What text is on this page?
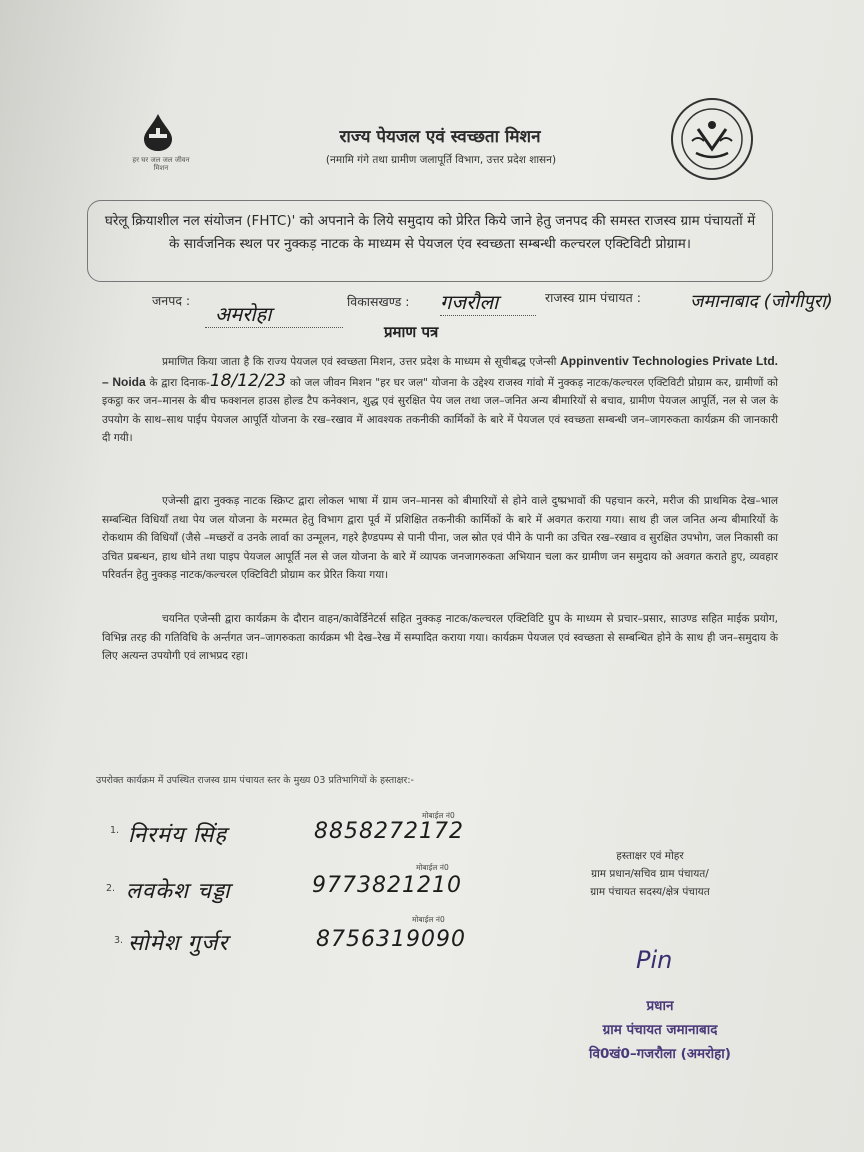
हर घर जल जल जीवन मिशन
राज्य पेयजल एवं स्वच्छता मिशन
(नमामि गंगे तथा ग्रामीण जलापूर्ति विभाग, उत्तर प्रदेश शासन)
घरेलू क्रियाशील नल संयोजन (FHTC)' को अपनाने के लिये समुदाय को प्रेरित किये जाने हेतु जनपद की समस्त राजस्व ग्राम पंचायतों में के सार्वजनिक स्थल पर नुक्कड़ नाटक के माध्यम से पेयजल एंव स्वच्छता सम्बन्धी कल्चरल एक्टिविटी प्रोग्राम।
जनपद :
अमरोहा
विकासखण्ड : गजरौला	राजस्व ग्राम पंचायत :	जमानाबाद (जोगीपुरा)
प्रमाण पत्र
प्रमाणित किया जाता है कि राज्य पेयजल एवं स्वच्छता मिशन, उत्तर प्रदेश के माध्यम से सूचीबद्ध एजेन्सी Appinventiv Technologies Private Ltd. – Noida के द्वारा दिनाक-18/12/23 को जल जीवन मिशन "हर घर जल" योजना के उद्देश्य राजस्व गांवो में नुक्कड़ नाटक/कल्चरल एक्टिविटी प्रोग्राम कर, ग्रामीणों को इकट्ठा कर जन–मानस के बीच फक्शनल हाउस होल्ड टैप कनेक्शन, शुद्ध एवं सुरक्षित पेय जल तथा जल–जनित अन्य बीमारियों से बचाव, ग्रामीण पेयजल आपूर्ति, नल से जल के उपयोग के साथ–साथ पाईप पेयजल आपूर्ति योजना के रख–रखाव में आवश्यक तकनीकी कार्मिकों के बारे में पेयजल एवं स्वच्छता सम्बन्धी जन–जागरुकता कार्यक्रम की जानकारी दी गयी।
एजेन्सी द्वारा नुक्कड़ नाटक स्क्रिप्ट द्वारा लोकल भाषा में ग्राम जन–मानस को बीमारियों से होने वाले दुष्प्रभावों की पहचान करने, मरीज की प्राथमिक देख–भाल सम्बन्धित विधियाँ तथा पेय जल योजना के मरम्मत हेतु विभाग द्वारा पूर्व में प्रशिक्षित तकनीकी कार्मिकों के बारे में अवगत कराया गया। साथ ही जल जनित अन्य बीमारियों के रोकथाम की विधियाँ (जैसे –मच्छरों व उनके लार्वा का उन्मूलन, गहरे हैण्डपम्प से पानी पीना, जल स्रोत एवं पीने के पानी का उचित रख–रखाव व सुरक्षित उपभोग, जल निकासी का उचित प्रबन्धन, हाथ धोने तथा पाइप पेयजल आपूर्ति नल से जल योजना के बारे में व्यापक जनजागरुकता अभियान चला कर ग्रामीण जन समुदाय को अवगत कराते हुए, व्यवहार परिवर्तन हेतु नुक्कड़ नाटक/कल्चरल एक्टिविटी प्रोग्राम कर प्रेरित किया गया।
चयनित एजेन्सी द्वारा कार्यक्रम के दौरान वाहन/कावेर्डिनेटर्स सहित नुक्कड़ नाटक/कल्चरल एक्टिविटि ग्रुप के माध्यम से प्रचार–प्रसार, साउण्ड सहित माईक प्रयोग, विभिन्न तरह की गतिविधि के अर्न्तगत जन–जागरुकता कार्यक्रम भी देख–रेख में सम्पादित कराया गया। कार्यक्रम पेयजल एवं स्वच्छता से सम्बन्धित होने के साथ ही जन–समुदाय के लिए अत्यन्त उपयोगी एवं लाभप्रद रहा।
उपरोक्त कार्यक्रम में उपस्थित राजस्व ग्राम पंचायत स्तर के मुख्य 03 प्रतिभागियों के हस्ताक्षर:-
1. निरमंय सिंह
मोबाईल नं0
8858272172
2. लवकेश चड्डा
मोबाईल नं0
9773821210
3. सोमेश गुर्जर
मोबाईल नं0
8756319090
हस्ताक्षर एवं मोहर
ग्राम प्रधान/सचिव ग्राम पंचायत/
ग्राम पंचायत सदस्य/क्षेत्र पंचायत
Pin
प्रधान
ग्राम पंचायत जमानाबाद
वि0खं0–गजरौला (अमरोहा)
